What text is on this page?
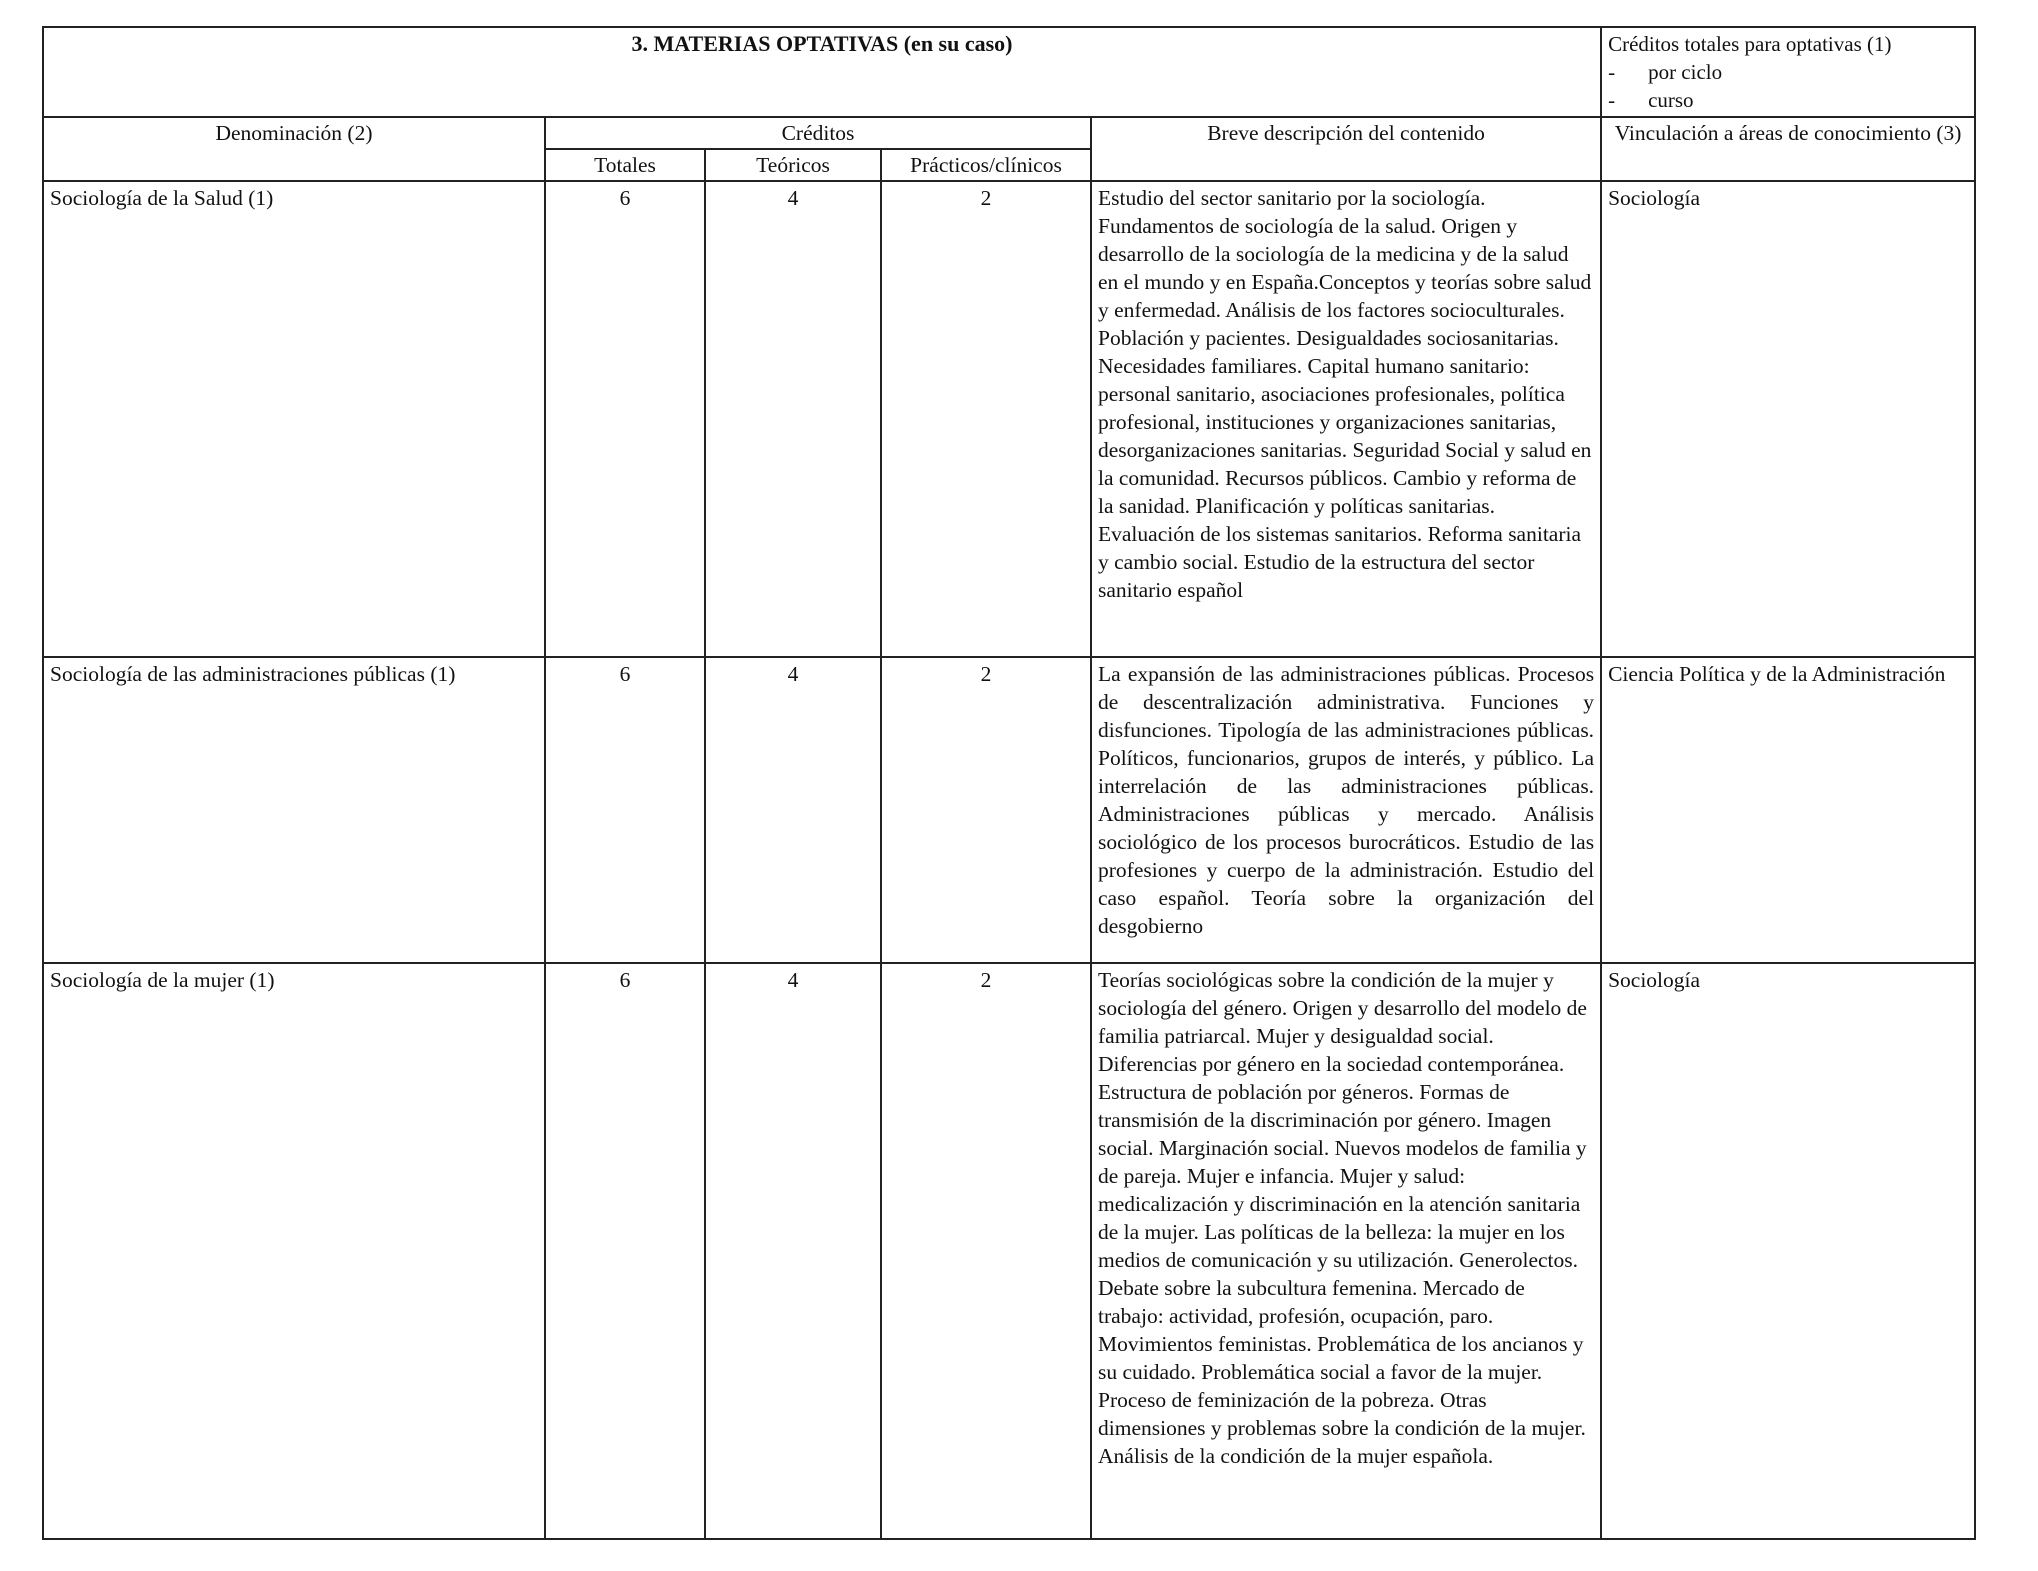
3. MATERIAS OPTATIVAS (en su caso)					Créditos totales para optativas (1)
- por ciclo
- curso

Denominación (2)	Créditos			Breve descripción del contenido	Vinculación a áreas de conocimiento (3)
	Totales	Teóricos	Prácticos/clínicos		
Sociología de la Salud (1)	6	4	2	Estudio del sector sanitario por la sociología. Fundamentos de sociología de la salud. Origen y desarrollo de la sociología de la medicina y de la salud en el mundo y en España.Conceptos y teorías sobre salud y enfermedad. Análisis de los factores socioculturales. Población y pacientes. Desigualdades sociosanitarias. Necesidades familiares. Capital humano sanitario: personal sanitario, asociaciones profesionales, política profesional, instituciones y organizaciones sanitarias, desorganizaciones sanitarias. Seguridad Social y salud en la comunidad. Recursos públicos. Cambio y reforma de la sanidad. Planificación y políticas sanitarias. Evaluación de los sistemas sanitarios. Reforma sanitaria y cambio social. Estudio de la estructura del sector sanitario español	Sociología
Sociología de las administraciones públicas (1)	6	4	2	La expansión de las administraciones públicas. Procesos de descentralización administrativa. Funciones y disfunciones. Tipología de las administraciones públicas. Políticos, funcionarios, grupos de interés, y público. La interrelación de las administraciones públicas. Administraciones públicas y mercado. Análisis sociológico de los procesos burocráticos. Estudio de las profesiones y cuerpo de la administración. Estudio del caso español. Teoría sobre la organización del desgobierno	Ciencia Política y de la Administración
Sociología de la mujer (1)	6	4	2	Teorías sociológicas sobre la condición de la mujer y sociología del género. Origen y desarrollo del modelo de familia patriarcal. Mujer y desigualdad social. Diferencias por género en la sociedad contemporánea. Estructura de población por géneros. Formas de transmisión de la discriminación por género. Imagen social. Marginación social. Nuevos modelos de familia y de pareja. Mujer e infancia. Mujer y salud: medicalización y discriminación en la atención sanitaria de la mujer. Las políticas de la belleza: la mujer en los medios de comunicación y su utilización. Generolectos. Debate sobre la subcultura femenina. Mercado de trabajo: actividad, profesión, ocupación, paro. Movimientos feministas. Problemática de los ancianos y su cuidado. Problemática social a favor de la mujer. Proceso de feminización de la pobreza. Otras dimensiones y problemas sobre la condición de la mujer. Análisis de la condición de la mujer española.	Sociología
